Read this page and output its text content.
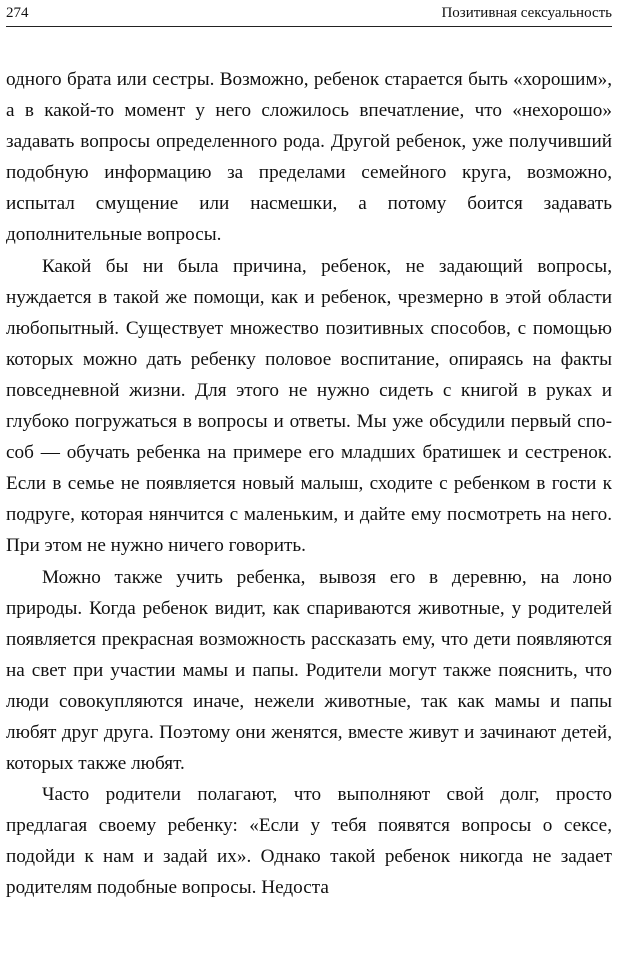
274	Позитивная сексуальность

одного брата или сестры. Возможно, ребенок старается быть «хорошим», а в какой-то момент у него сложилось впечатление, что «нехорошо» задавать вопросы определенного рода. Другой ребенок, уже получивший подобную информацию за пределами семейного круга, возможно, испытал смущение или насмешки, а потому боится задавать дополнительные вопросы.

Какой бы ни была причина, ребенок, не задающий вопросы, нуждается в такой же помощи, как и ребенок, чрезмерно в этой области любопытный. Существует множество позитивных способов, с помощью которых можно дать ребенку половое воспитание, опираясь на факты повседневной жизни. Для этого не нужно сидеть с книгой в руках и глубоко погружаться в вопросы и ответы. Мы уже обсудили первый способ — обучать ребенка на примере его младших братишек и сестренок. Если в семье не появляется новый малыш, сходите с ребенком в гости к подруге, которая нянчится с маленьким, и дайте ему посмотреть на него. При этом не нужно ничего говорить.

Можно также учить ребенка, вывозя его в деревню, на лоно природы. Когда ребенок видит, как спариваются животные, у родителей появляется прекрасная возможность рассказать ему, что дети появляются на свет при участии мамы и папы. Родители могут также пояснить, что люди совокупляются иначе, нежели животные, так как мамы и папы любят друг друга. Поэтому они женятся, вместе живут и зачинают детей, которых также любят.

Часто родители полагают, что выполняют свой долг, просто предлагая своему ребенку: «Если у тебя появятся вопросы о сексе, подойди к нам и задай их». Однако такой ребенок никогда не задает родителям подобные вопросы. Недоста
